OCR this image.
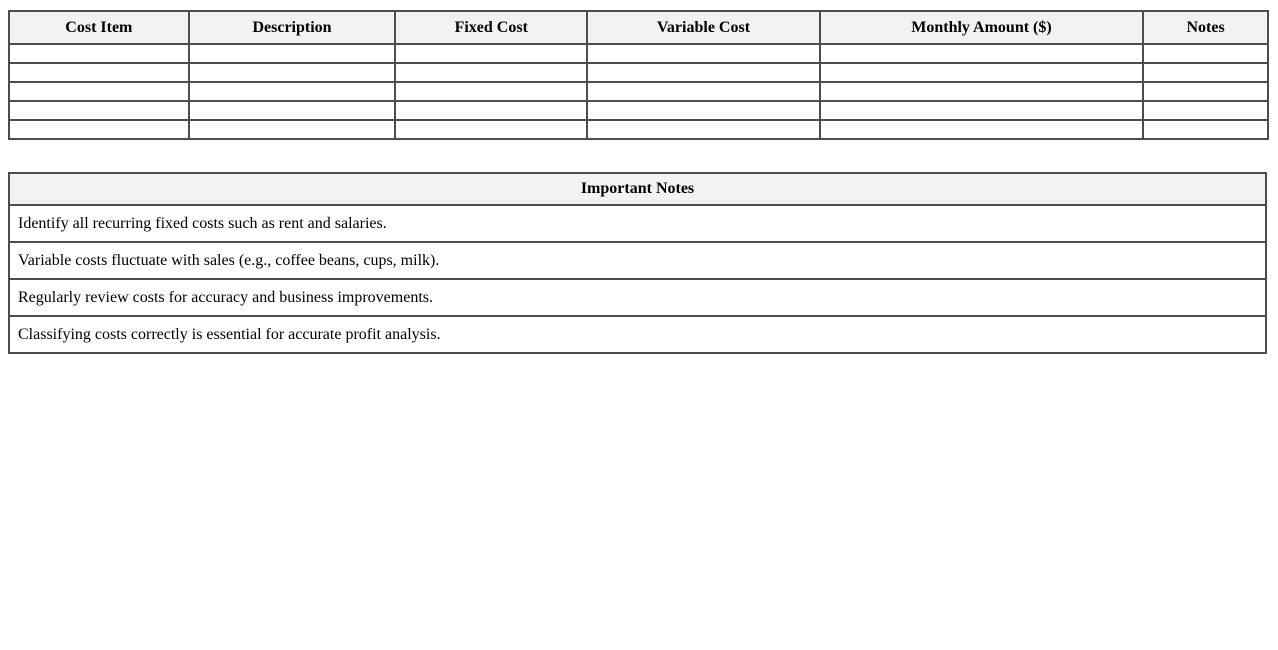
Cost Item	Description	Fixed Cost	Variable Cost	Monthly Amount ($)	Notes

Important Notes
Identify all recurring fixed costs such as rent and salaries.
Variable costs fluctuate with sales (e.g., coffee beans, cups, milk).
Regularly review costs for accuracy and business improvements.
Classifying costs correctly is essential for accurate profit analysis.
